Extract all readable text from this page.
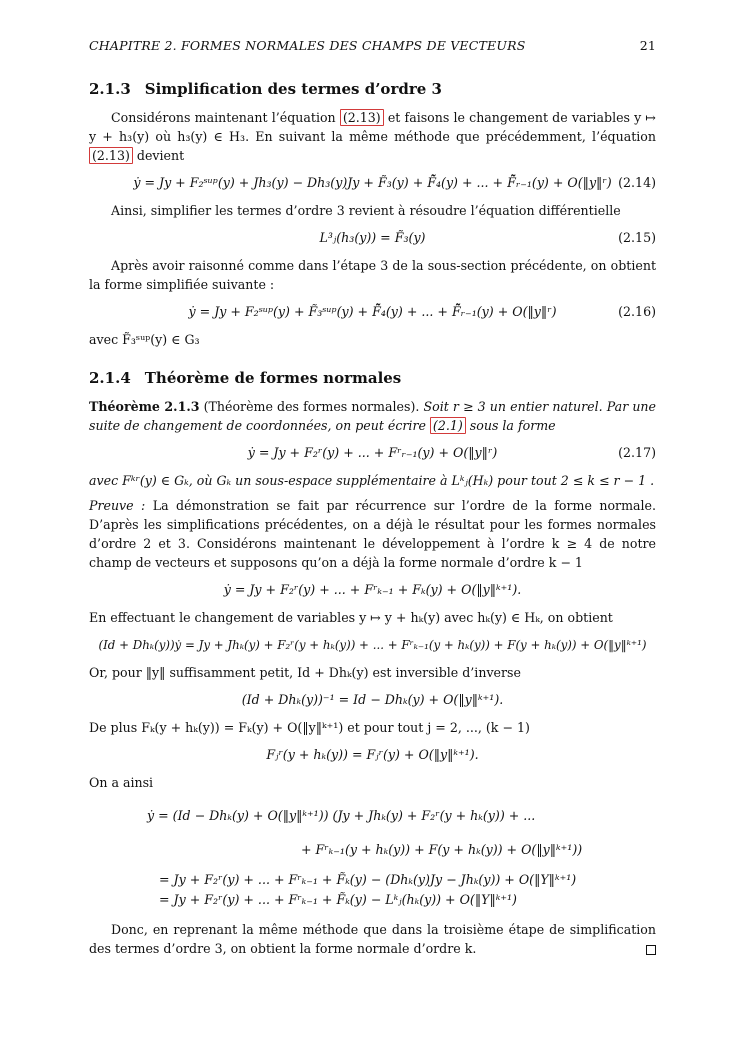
CHAPITRE 2. FORMES NORMALES DES CHAMPS DE VECTEURS	21
2.1.3 Simplification des termes d’ordre 3

Considérons maintenant l’équation (2.13) et faisons le changement de variables y ↦ y + h₃(y) où h₃(y) ∈ H₃. En suivant la même méthode que précédemment, l’équation (2.13) devient

ẏ = Jy + F₂ˢᵘᵖ(y) + Jh₃(y) − Dh₃(y)Jy + F̃₃(y) + F̃̃₄(y) + ... + F̃̃ᵣ₋₁(y) + O(‖y‖ʳ) (2.14)

Ainsi, simplifier les termes d’ordre 3 revient à résoudre l’équation différentielle

L³ⱼ(h₃(y)) = F̃₃(y)	(2.15)

Après avoir raisonné comme dans l’étape 3 de la sous-section précédente, on obtient la forme simplifiée suivante :

ẏ = Jy + F₂ˢᵘᵖ(y) + F̃₃ˢᵘᵖ(y) + F̃̃₄(y) + ... + F̃̃ᵣ₋₁(y) + O(‖y‖ʳ)	(2.16)

avec F̃₃ˢᵘᵖ(y) ∈ G₃

2.1.4 Théorème de formes normales

Théorème 2.1.3 (Théorème des formes normales). Soit r ≥ 3 un entier naturel. Par une suite de changement de coordonnées, on peut écrire (2.1) sous la forme

ẏ = Jy + F₂ʳ(y) + ... + Fʳᵣ₋₁(y) + O(‖y‖ʳ)	(2.17)

avec Fᵏʳ(y) ∈ Gₖ, où Gₖ un sous-espace supplémentaire à Lᵏⱼ(Hₖ) pour tout 2 ≤ k ≤ r − 1 .

Preuve : La démonstration se fait par récurrence sur l’ordre de la forme normale. D’après les simplifications précédentes, on a déjà le résultat pour les formes normales d’ordre 2 et 3. Considérons maintenant le développement à l’ordre k ≥ 4 de notre champ de vecteurs et supposons qu’on a déjà la forme normale d’ordre k − 1

ẏ = Jy + F₂ʳ(y) + ... + Fʳₖ₋₁ + Fₖ(y) + O(‖y‖ᵏ⁺¹).

En effectuant le changement de variables y ↦ y + hₖ(y) avec hₖ(y) ∈ Hₖ, on obtient

(Id + Dhₖ(y))ẏ = Jy + Jhₖ(y) + F₂ʳ(y + hₖ(y)) + ... + Fʳₖ₋₁(y + hₖ(y)) + F(y + hₖ(y)) + O(‖y‖ᵏ⁺¹)

Or, pour ‖y‖ suffisamment petit, Id + Dhₖ(y) est inversible d’inverse

(Id + Dhₖ(y))⁻¹ = Id − Dhₖ(y) + O(‖y‖ᵏ⁺¹).

De plus Fₖ(y + hₖ(y)) = Fₖ(y) + O(‖y‖ᵏ⁺¹) et pour tout j = 2, ..., (k − 1)

Fⱼʳ(y + hₖ(y)) = Fⱼʳ(y) + O(‖y‖ᵏ⁺¹).

On a ainsi

ẏ = (Id − Dhₖ(y) + O(‖y‖ᵏ⁺¹)) (Jy + Jhₖ(y) + F₂ʳ(y + hₖ(y)) + ...
+ Fʳₖ₋₁(y + hₖ(y)) + F(y + hₖ(y)) + O(‖y‖ᵏ⁺¹))
= Jy + F₂ʳ(y) + ... + Fʳₖ₋₁ + F̃ₖ(y) − (Dhₖ(y)Jy − Jhₖ(y)) + O(‖Y‖ᵏ⁺¹)
= Jy + F₂ʳ(y) + ... + Fʳₖ₋₁ + F̃ₖ(y) − Lᵏⱼ(hₖ(y)) + O(‖Y‖ᵏ⁺¹)

Donc, en reprenant la même méthode que dans la troisième étape de simplification des termes d’ordre 3, on obtient la forme normale d’ordre k.
